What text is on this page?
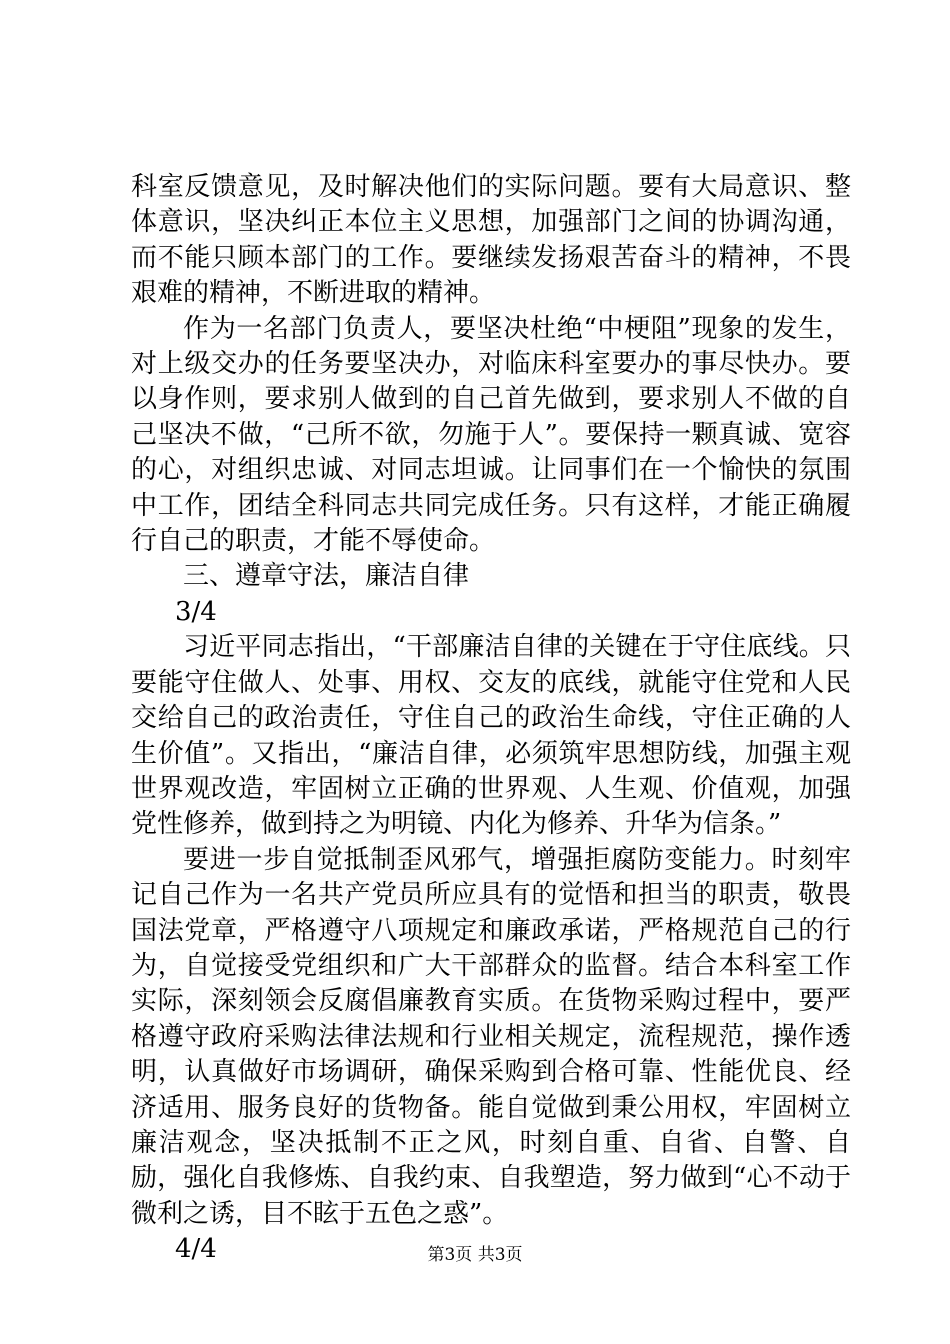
科室反馈意见，及时解决他们的实际问题。要有大局意识、整体意识，坚决纠正本位主义思想，加强部门之间的协调沟通，而不能只顾本部门的工作。要继续发扬艰苦奋斗的精神，不畏艰难的精神，不断进取的精神。

作为一名部门负责人，要坚决杜绝“中梗阻”现象的发生，对上级交办的任务要坚决办，对临床科室要办的事尽快办。要以身作则，要求别人做到的自己首先做到，要求别人不做的自己坚决不做，“己所不欲，勿施于人”。要保持一颗真诚、宽容的心，对组织忠诚、对同志坦诚。让同事们在一个愉快的氛围中工作，团结全科同志共同完成任务。只有这样，才能正确履行自己的职责，才能不辱使命。

三、遵章守法，廉洁自律

3/4

习近平同志指出，“干部廉洁自律的关键在于守住底线。只要能守住做人、处事、用权、交友的底线，就能守住党和人民交给自己的政治责任，守住自己的政治生命线，守住正确的人生价值”。又指出，“廉洁自律，必须筑牢思想防线，加强主观世界观改造，牢固树立正确的世界观、人生观、价值观，加强党性修养，做到持之为明镜、内化为修养、升华为信条。”

要进一步自觉抵制歪风邪气，增强拒腐防变能力。时刻牢记自己作为一名共产党员所应具有的觉悟和担当的职责，敬畏国法党章，严格遵守八项规定和廉政承诺，严格规范自己的行为，自觉接受党组织和广大干部群众的监督。结合本科室工作实际，深刻领会反腐倡廉教育实质。在货物采购过程中，要严格遵守政府采购法律法规和行业相关规定，流程规范，操作透明，认真做好市场调研，确保采购到合格可靠、性能优良、经济适用、服务良好的货物备。能自觉做到秉公用权，牢固树立廉洁观念，坚决抵制不正之风，时刻自重、自省、自警、自励，强化自我修炼、自我约束、自我塑造，努力做到“心不动于微利之诱，目不眩于五色之惑”。

4/4	第3页 共3页
